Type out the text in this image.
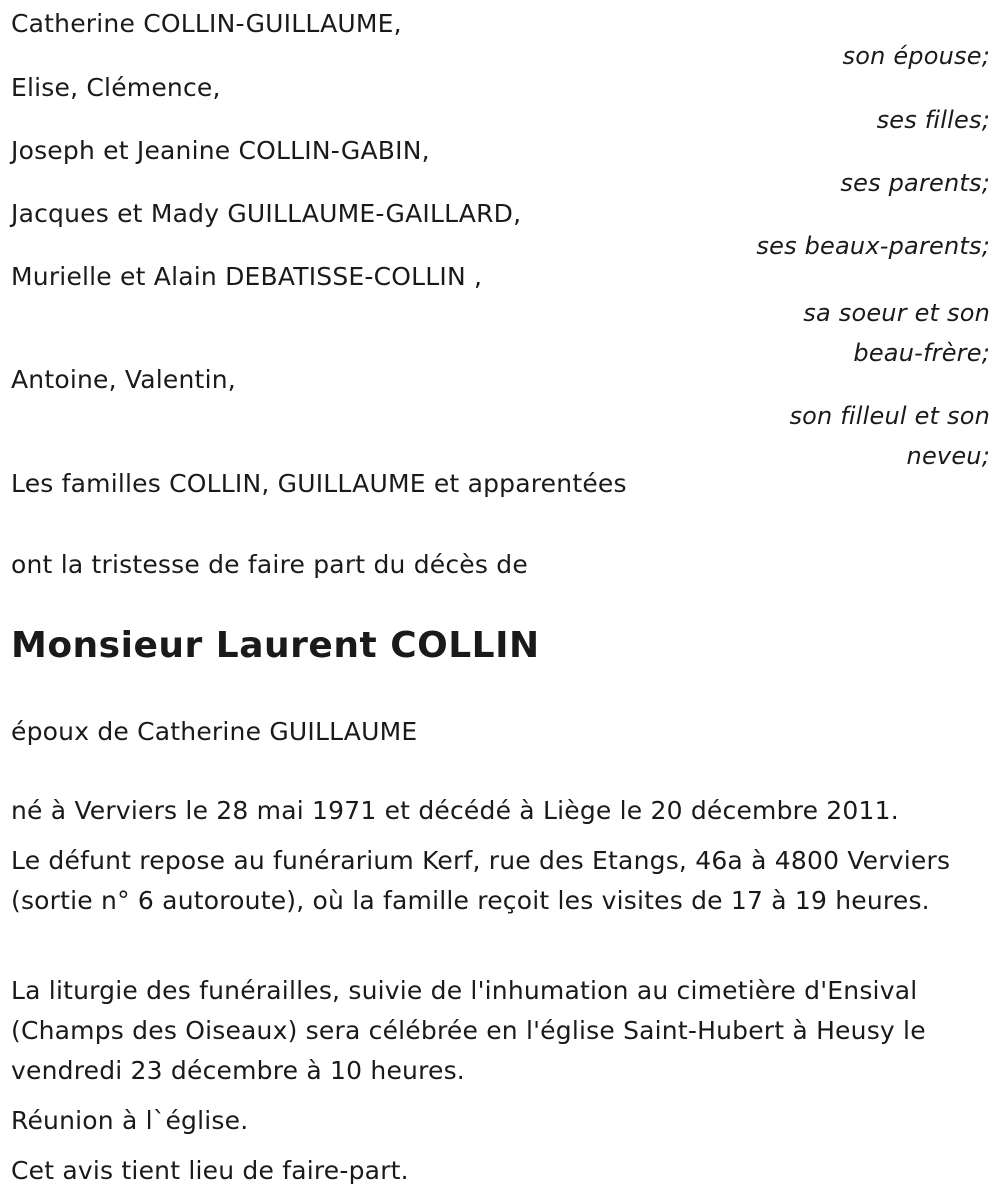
Catherine COLLIN-GUILLAUME,
son épouse;
Elise, Clémence,
ses filles;
Joseph et Jeanine COLLIN-GABIN,
ses parents;
Jacques et Mady GUILLAUME-GAILLARD,
ses beaux-parents;
Murielle et Alain DEBATISSE-COLLIN ,
sa soeur et son beau-frère;
Antoine, Valentin,
son filleul et son neveu;
Les familles COLLIN, GUILLAUME et apparentées
ont la tristesse de faire part du décès de
Monsieur Laurent COLLIN
époux de Catherine GUILLAUME
né à Verviers le 28 mai 1971 et décédé à Liège le 20 décembre 2011.
Le défunt repose au funérarium Kerf, rue des Etangs, 46a à 4800 Verviers (sortie n° 6 autoroute), où la famille reçoit les visites de 17 à 19 heures.
La liturgie des funérailles, suivie de l'inhumation au cimetière d'Ensival (Champs des Oiseaux) sera célébrée en l'église Saint-Hubert à Heusy le vendredi 23 décembre à 10 heures.
Réunion à l`église.
Cet avis tient lieu de faire-part.
